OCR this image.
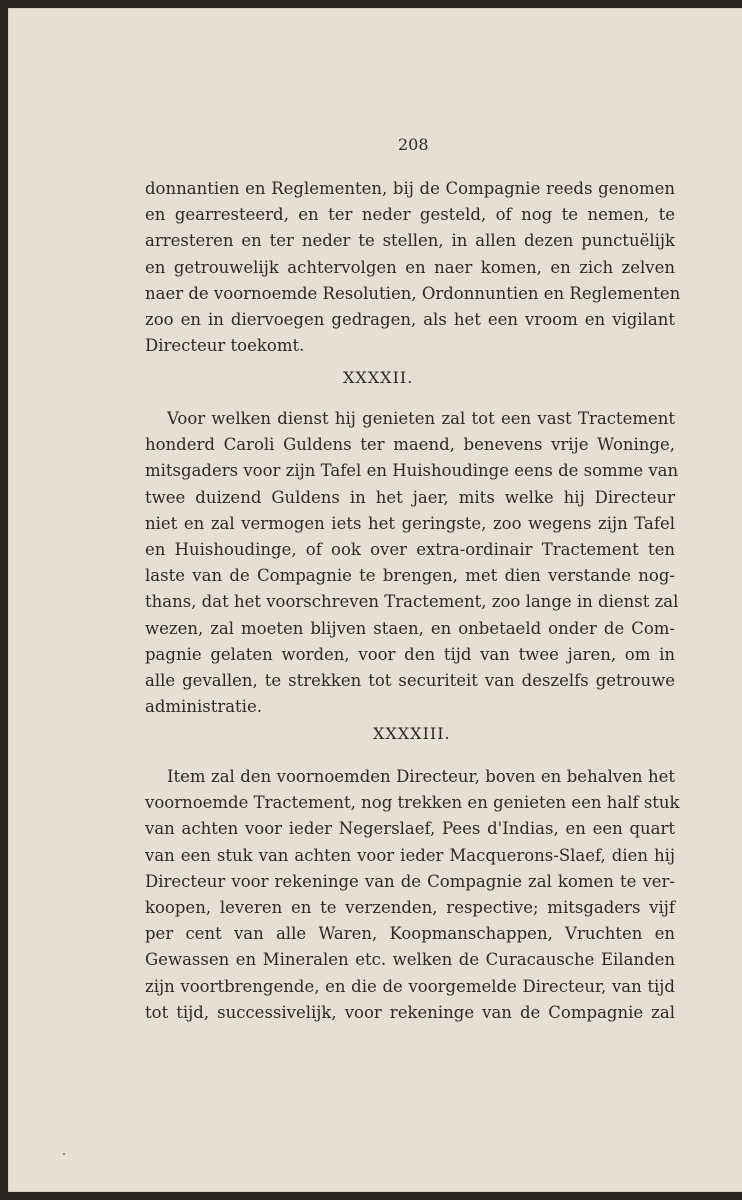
208
donnantien en Reglementen, bij de Compagnie reeds genomen
en gearresteerd, en ter neder gesteld, of nog te nemen, te
arresteren en ter neder te stellen, in allen dezen punctuëlijk
en getrouwelijk achtervolgen en naer komen, en zich zelven
naer de voornoemde Resolutien, Ordonnuntien en Reglementen
zoo en in diervoegen gedragen, als het een vroom en vigilant
Directeur toekomt.
XXXXII.
Voor welken dienst hij genieten zal tot een vast Tractement
honderd Caroli Guldens ter maend, benevens vrije Woninge,
mitsgaders voor zijn Tafel en Huishoudinge eens de somme van
twee duizend Guldens in het jaer, mits welke hij Directeur
niet en zal vermogen iets het geringste, zoo wegens zijn Tafel
en Huishoudinge, of ook over extra-ordinair Tractement ten
laste van de Compagnie te brengen, met dien verstande nog-
thans, dat het voorschreven Tractement, zoo lange in dienst zal
wezen, zal moeten blijven staen, en onbetaeld onder de Com-
pagnie gelaten worden, voor den tijd van twee jaren, om in
alle gevallen, te strekken tot securiteit van deszelfs getrouwe
administratie.
XXXXIII.
Item zal den voornoemden Directeur, boven en behalven het
voornoemde Tractement, nog trekken en genieten een half stuk
van achten voor ieder Negerslaef, Pees d'Indias, en een quart
van een stuk van achten voor ieder Macquerons-Slaef, dien hij
Directeur voor rekeninge van de Compagnie zal komen te ver-
koopen, leveren en te verzenden, respective; mitsgaders vijf
per cent van alle Waren, Koopmanschappen, Vruchten en
Gewassen en Mineralen etc. welken de Curacausche Eilanden
zijn voortbrengende, en die de voorgemelde Directeur, van tijd
tot tijd, successivelijk, voor rekeninge van de Compagnie zal
